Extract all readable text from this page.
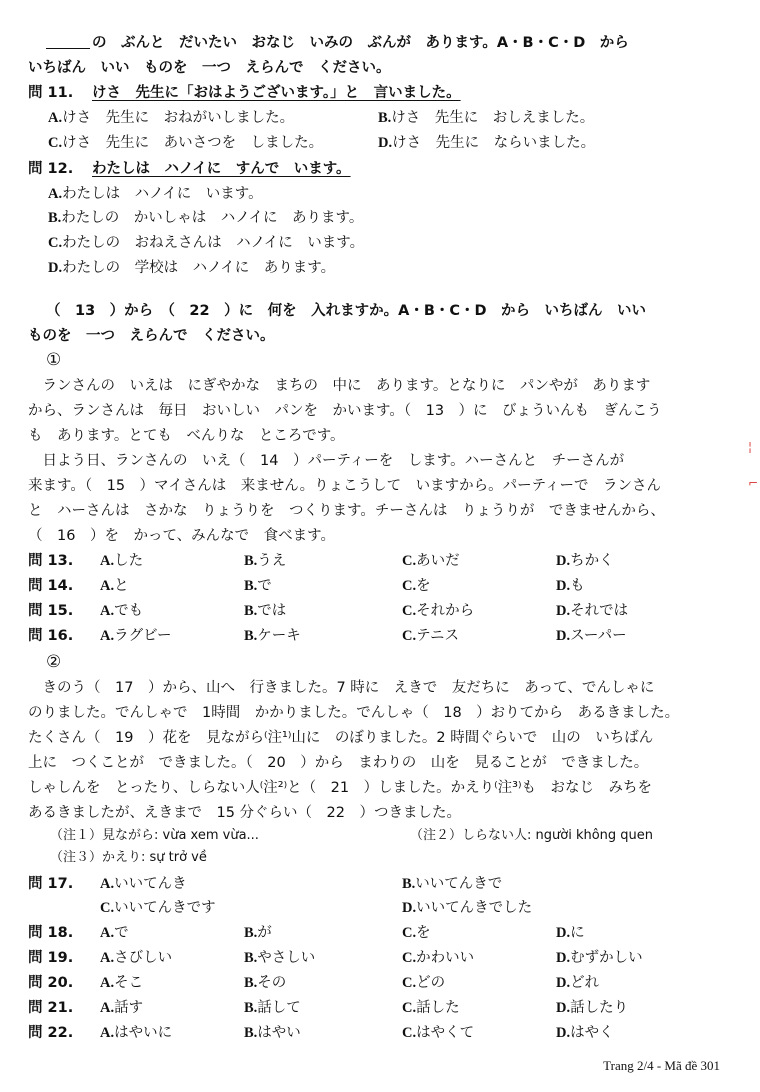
の　ぶんと　だいたい　おなじ　いみの　ぶんが　あります。A・B・C・D　から
いちばん　いい　ものを　一つ　えらんで　ください。
問 11. けさ　先生に「おはようございます。」と　言いました。
A.けさ　先生に　おねがいしました。	B.けさ　先生に　おしえました。
C.けさ　先生に　あいさつを　しました。	D.けさ　先生に　ならいました。
問 12. わたしは　ハノイに　すんで　います。
A.わたしは　ハノイに　います。
B.わたしの　かいしゃは　ハノイに　あります。
C.わたしの　おねえさんは　ハノイに　います。
D.わたしの　学校は　ハノイに　あります。
（　13　）から　（　22　）に　何を　入れますか。A・B・C・D　から　いちばん　いい
ものを　一つ　えらんで　ください。
①
　ランさんの　いえは　にぎやかな　まちの　中に　あります。となりに　パンやが　あります
から、ランさんは　毎日　おいしい　パンを　かいます。（　13　）に　びょういんも　ぎんこう
も　あります。とても　べんりな　ところです。
　日よう日、ランさんの　いえ（　14　）パーティーを　します。ハーさんと　チーさんが
来ます。（　15　）マイさんは　来ません。りょこうして　いますから。パーティーで　ランさん
と　ハーさんは　さかな　りょうりを　つくります。チーさんは　りょうりが　できませんから、
（　16　）を　かって、みんなで　食べます。
問 13. A.した	B.うえ	C.あいだ	D.ちかく
問 14. A.と	B.で	C.を	D.も
問 15. A.でも	B.では	C.それから	D.それでは
問 16. A.ラグビー	B.ケーキ	C.テニス	D.スーパー
②
　きのう（　17　）から、山へ　行きました。7 時に　えきで　友だちに　あって、でんしゃに
のりました。でんしゃで　1時間　かかりました。でんしゃ（　18　）おりてから　あるきました。
たくさん（　19　）花を　見ながら⁽注¹⁾山に　のぼりました。2 時間ぐらいで　山の　いちばん
上に　つくことが　できました。（　20　）から　まわりの　山を　見ることが　できました。
しゃしんを　とったり、しらない人⁽注²⁾と（　21　）しました。かえり⁽注³⁾も　おなじ　みちを
あるきましたが、えきまで　15 分ぐらい（　22　）つきました。
（注１）見ながら: vừa xem vừa...	（注２）しらない人: người không quen
（注３）かえり: sự trở về
問 17. A.いいてんき	B.いいてんきで
C.いいてんきです	D.いいてんきでした
問 18. A.で	B.が	C.を	D.に
問 19. A.さびしい	B.やさしい	C.かわいい	D.むずかしい
問 20. A.そこ	B.その	C.どの	D.どれ
問 21. A.話す	B.話して	C.話した	D.話したり
問 22. A.はやいに	B.はやい	C.はやくて	D.はやく
Trang 2/4 - Mã đề 301
¦
⌐
